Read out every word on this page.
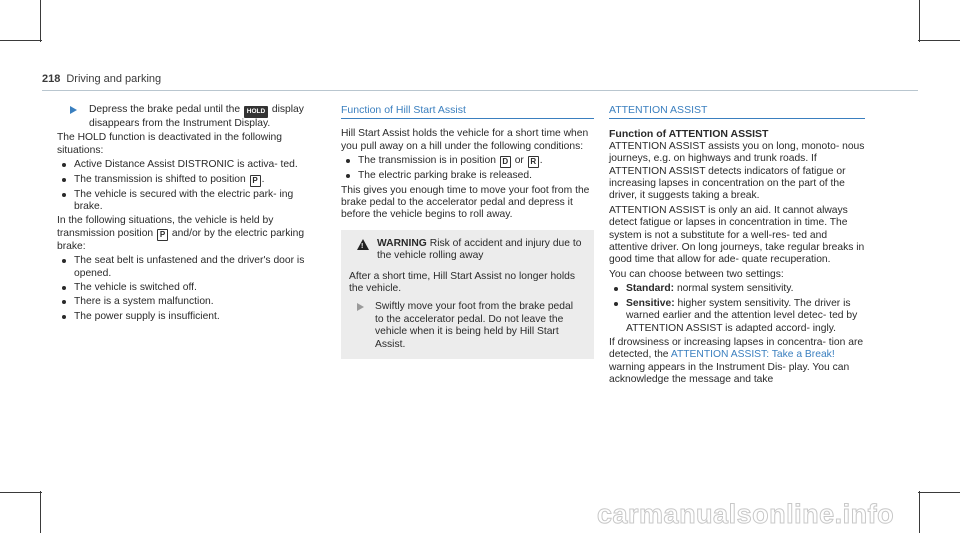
218 Driving and parking
Depress the brake pedal until the HOLD display disappears from the Instrument Display.

The HOLD function is deactivated in the following situations:

Active Distance Assist DISTRONIC is activa‐ ted.
The transmission is shifted to position P .
The vehicle is secured with the electric park‐ ing brake.

In the following situations, the vehicle is held by transmission position P and/or by the electric parking brake:

The seat belt is unfastened and the driver's door is opened.
The vehicle is switched off.
There is a system malfunction.
The power supply is insufficient.
Function of Hill Start Assist

Hill Start Assist holds the vehicle for a short time when you pull away on a hill under the following conditions:

The transmission is in position D or R .
The electric parking brake is released.

This gives you enough time to move your foot from the brake pedal to the accelerator pedal and depress it before the vehicle begins to roll away.

!
WARNING Risk of accident and injury due to the vehicle rolling away

After a short time, Hill Start Assist no longer holds the vehicle.

Swiftly move your foot from the brake pedal to the accelerator pedal. Do not leave the vehicle when it is being held by Hill Start Assist.
ATTENTION ASSIST
Function of ATTENTION ASSIST

ATTENTION ASSIST assists you on long, monoto‐ nous journeys, e.g. on highways and trunk roads. If ATTENTION ASSIST detects indicators of fatigue or increasing lapses in concentration on the part of the driver, it suggests taking a break.

ATTENTION ASSIST is only an aid. It cannot always detect fatigue or lapses in concentration in time. The system is not a substitute for a well-res‐ ted and attentive driver. On long journeys, take regular breaks in good time that allow for ade‐ quate recuperation.

You can choose between two settings:

Standard: normal system sensitivity.
Sensitive: higher system sensitivity. The driver is warned earlier and the attention level detec‐ ted by ATTENTION ASSIST is adapted accord‐ ingly.

If drowsiness or increasing lapses in concentra‐ tion are detected, the ATTENTION ASSIST: Take a Break! warning appears in the Instrument Dis‐ play. You can acknowledge the message and take

carmanualsonline.info
